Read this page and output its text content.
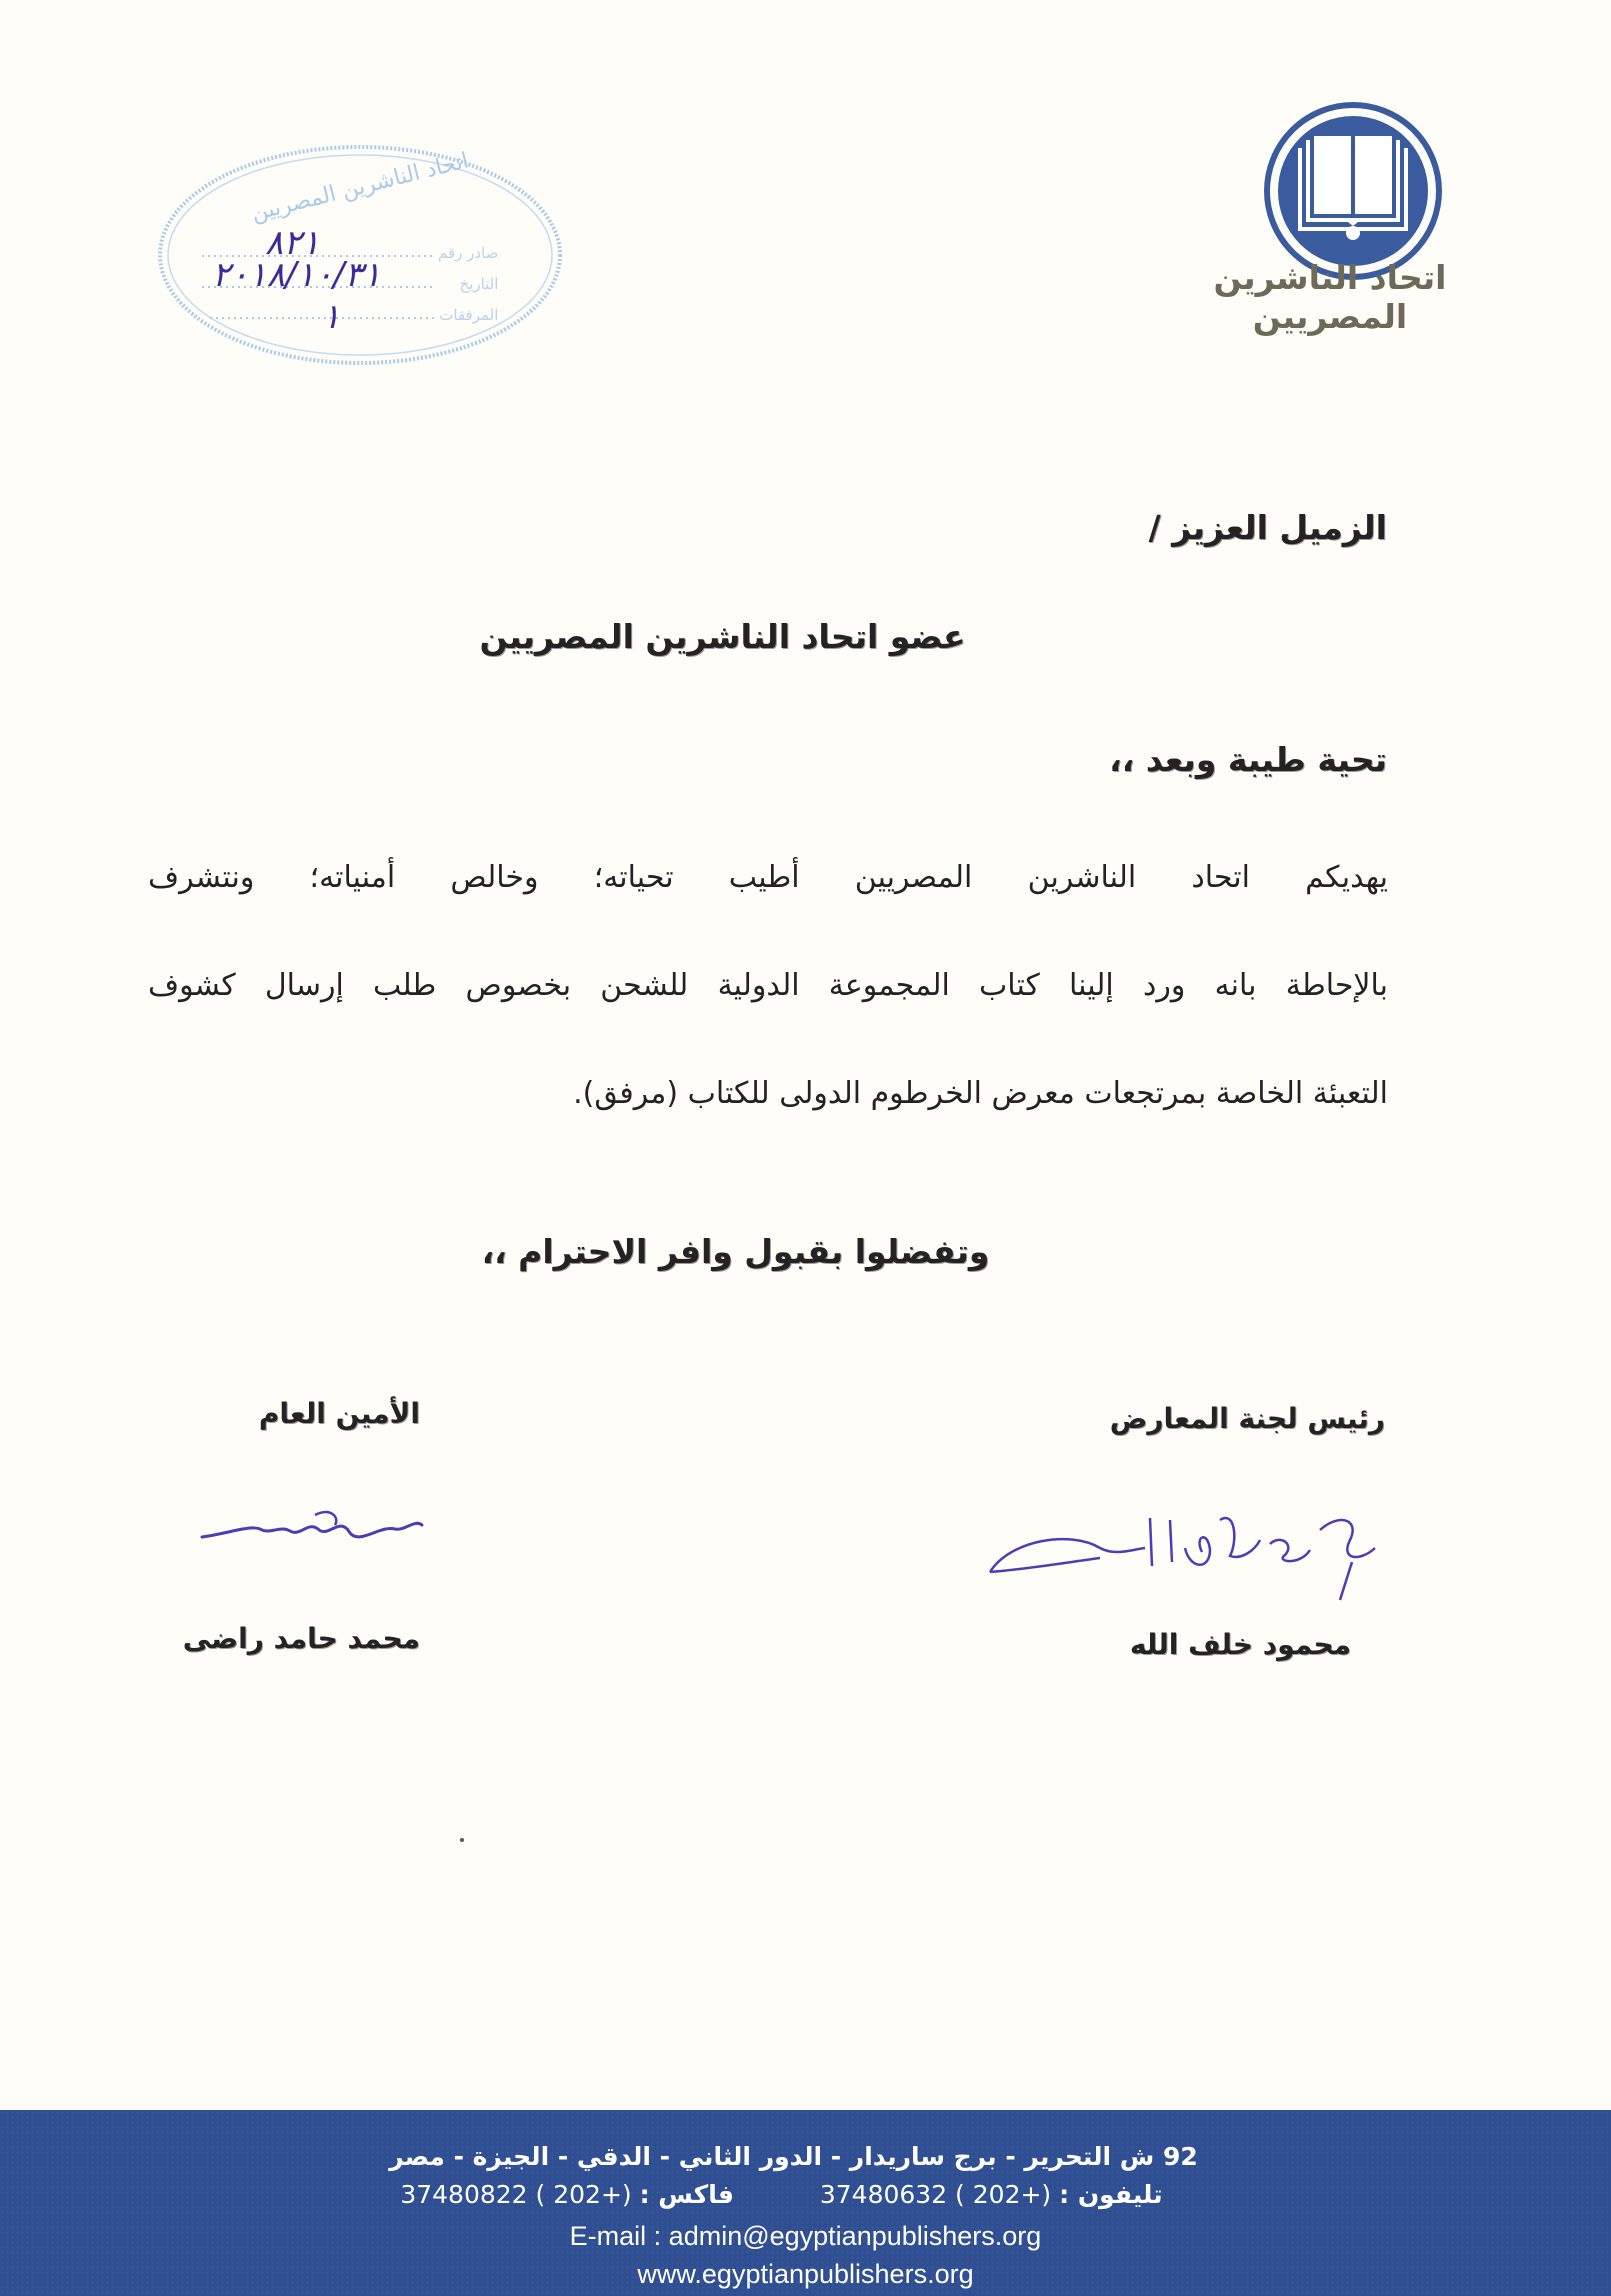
اتحاد الناشرين المصريين
اتحاد الناشرين المصريين
صادر رقم
التاريخ
المرفقات
٨٢١
٢٠١٨/١٠/٣١
١
الزميل العزيز /
عضو اتحاد الناشرين المصريين
تحية طيبة وبعد ،،
يهديكم اتحاد الناشرين المصريين أطيب تحياته؛ وخالص أمنياته؛ ونتشرف
بالإحاطة بانه ورد إلينا كتاب المجموعة الدولية للشحن بخصوص طلب إرسال كشوف
التعبئة الخاصة بمرتجعات معرض الخرطوم الدولى للكتاب (مرفق).
وتفضلوا بقبول وافر الاحترام ،،
رئيس لجنة المعارض
الأمين العام
محمود خلف الله
محمد حامد راضى
92 ش التحرير - برج ساريدار - الدور الثاني - الدقي - الجيزة - مصر
تليفون : 37480632 ( 202+)  فاكس : 37480822 ( 202+)
E-mail : admin@egyptianpublishers.org
www.egyptianpublishers.org
